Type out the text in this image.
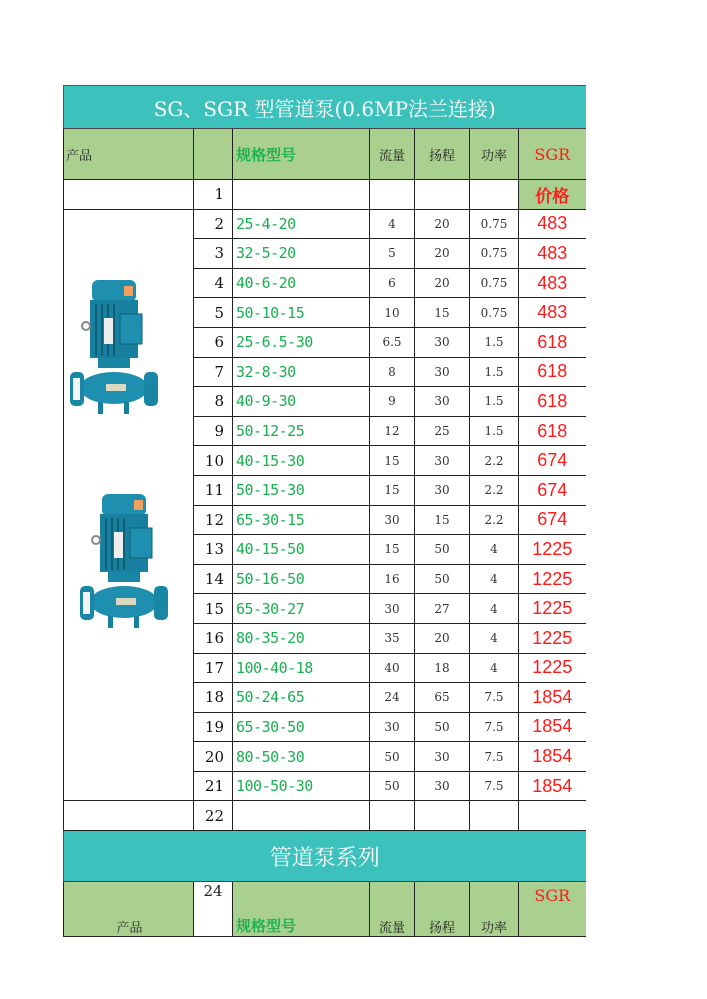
SG、SGR 型管道泵(0.6MP法兰连接)						
产品		规格型号	流量	扬程	功率	SGR
	1					价格

	2	25-4-20	4	20	0.75	483
	3	32-5-20	5	20	0.75	483
	4	40-6-20	6	20	0.75	483
	5	50-10-15	10	15	0.75	483
	6	25-6.5-30	6.5	30	1.5	618
	7	32-8-30	8	30	1.5	618
	8	40-9-30	9	30	1.5	618
	9	50-12-25	12	25	1.5	618
	10	40-15-30	15	30	2.2	674
	11	50-15-30	15	30	2.2	674
	12	65-30-15	30	15	2.2	674
	13	40-15-50	15	50	4	1225
	14	50-16-50	16	50	4	1225
	15	65-30-27	30	27	4	1225
	16	80-35-20	35	20	4	1225
	17	100-40-18	40	18	4	1225
	18	50-24-65	24	65	7.5	1854
	19	65-30-50	30	50	7.5	1854
	20	80-50-30	50	30	7.5	1854
	21	100-50-30	50	30	7.5	1854
	22					
管道泵系列						
产品	24	规格型号	流量	扬程	功率	SGR
